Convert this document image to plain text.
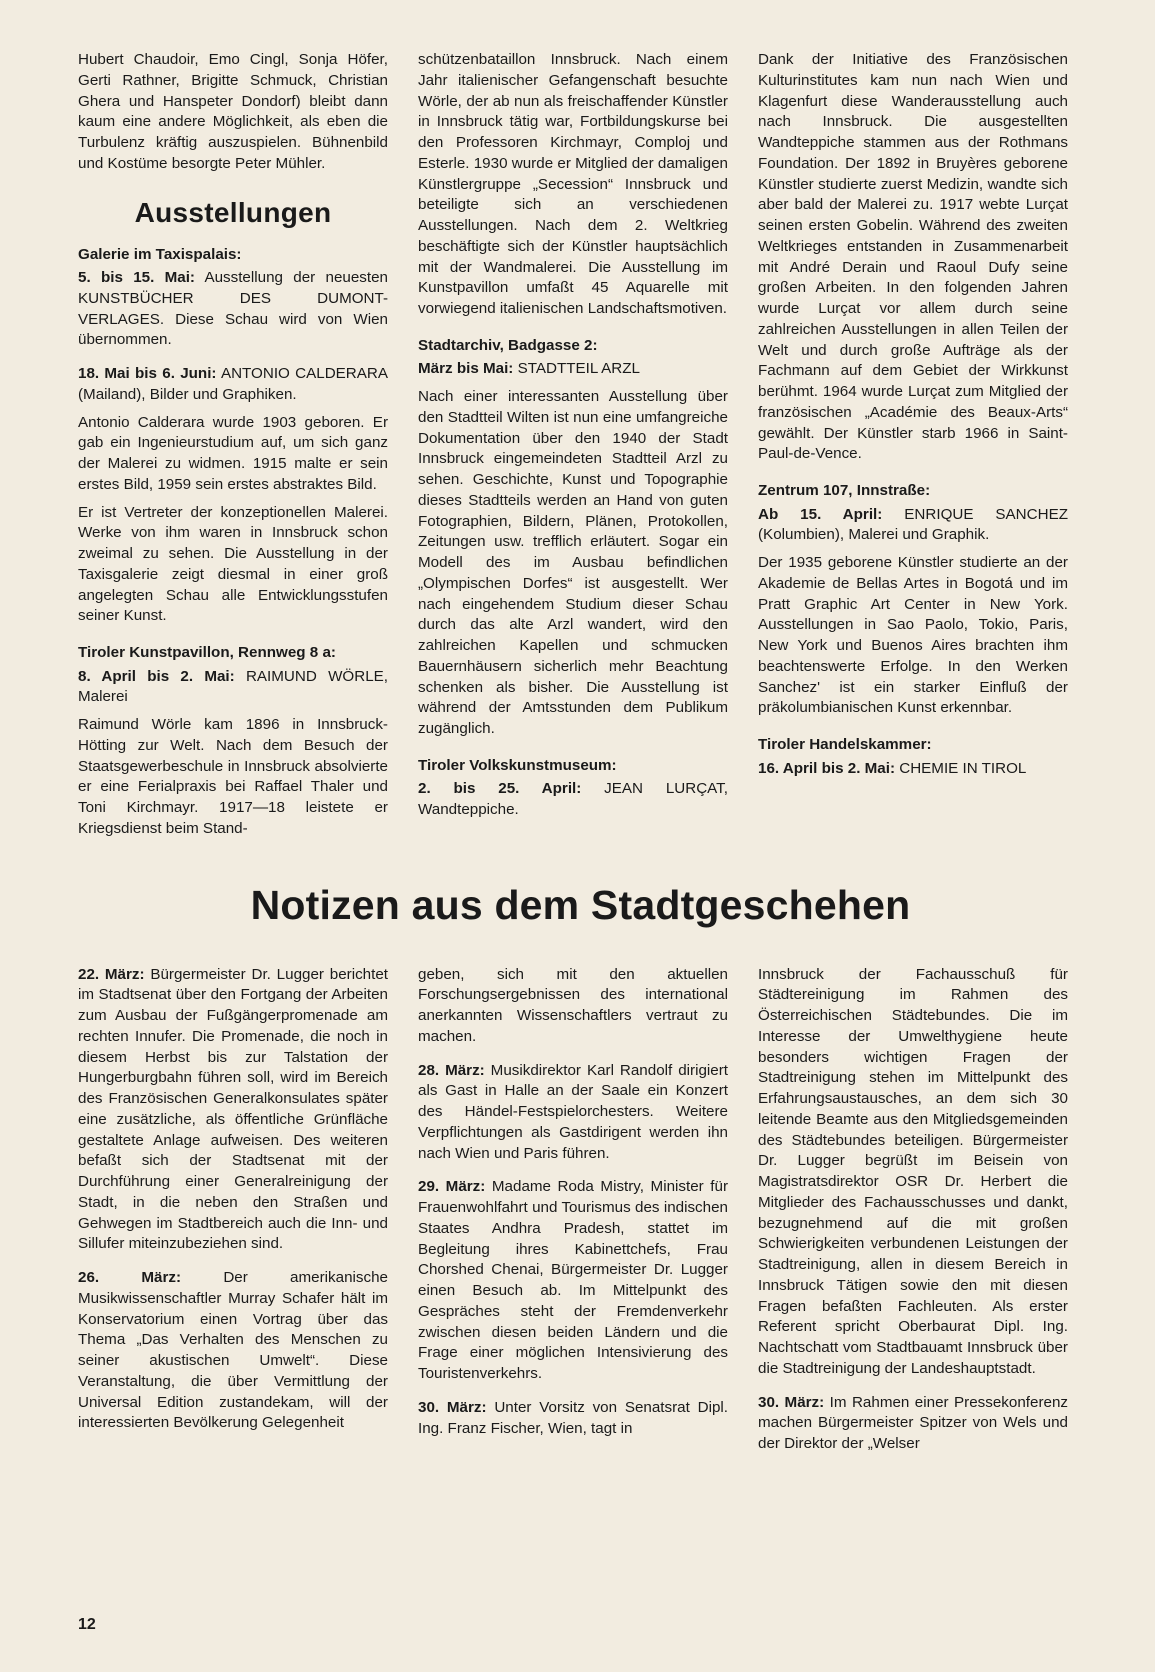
Hubert Chaudoir, Emo Cingl, Sonja Höfer, Gerti Rathner, Brigitte Schmuck, Christian Ghera und Hanspeter Dondorf) bleibt dann kaum eine andere Möglichkeit, als eben die Turbulenz kräftig auszuspielen. Bühnenbild und Kostüme besorgte Peter Mühler.

Ausstellungen
Galerie im Taxispalais:

5. bis 15. Mai: Ausstellung der neuesten KUNSTBÜCHER DES DUMONT-VERLAGES. Diese Schau wird von Wien übernommen.

18. Mai bis 6. Juni: ANTONIO CALDERARA (Mailand), Bilder und Graphiken.

Antonio Calderara wurde 1903 geboren. Er gab ein Ingenieurstudium auf, um sich ganz der Malerei zu widmen. 1915 malte er sein erstes Bild, 1959 sein erstes abstraktes Bild.

Er ist Vertreter der konzeptionellen Malerei. Werke von ihm waren in Innsbruck schon zweimal zu sehen. Die Ausstellung in der Taxisgalerie zeigt diesmal in einer groß angelegten Schau alle Entwicklungsstufen seiner Kunst.

Tiroler Kunstpavillon, Rennweg 8 a:

8. April bis 2. Mai: RAIMUND WÖRLE, Malerei

Raimund Wörle kam 1896 in Innsbruck-Hötting zur Welt. Nach dem Besuch der Staatsgewerbeschule in Innsbruck absolvierte er eine Ferialpraxis bei Raffael Thaler und Toni Kirchmayr. 1917—18 leistete er Kriegsdienst beim Stand-

schützenbataillon Innsbruck. Nach einem Jahr italienischer Gefangenschaft besuchte Wörle, der ab nun als freischaffender Künstler in Innsbruck tätig war, Fortbildungskurse bei den Professoren Kirchmayr, Comploj und Esterle. 1930 wurde er Mitglied der damaligen Künstlergruppe „Secession“ Innsbruck und beteiligte sich an verschiedenen Ausstellungen. Nach dem 2. Weltkrieg beschäftigte sich der Künstler hauptsächlich mit der Wandmalerei. Die Ausstellung im Kunstpavillon umfaßt 45 Aquarelle mit vorwiegend italienischen Landschaftsmotiven.

Stadtarchiv, Badgasse 2:

März bis Mai: STADTTEIL ARZL

Nach einer interessanten Ausstellung über den Stadtteil Wilten ist nun eine umfangreiche Dokumentation über den 1940 der Stadt Innsbruck eingemeindeten Stadtteil Arzl zu sehen. Geschichte, Kunst und Topographie dieses Stadtteils werden an Hand von guten Fotographien, Bildern, Plänen, Protokollen, Zeitungen usw. trefflich erläutert. Sogar ein Modell des im Ausbau befindlichen „Olympischen Dorfes“ ist ausgestellt. Wer nach eingehendem Studium dieser Schau durch das alte Arzl wandert, wird den zahlreichen Kapellen und schmucken Bauernhäusern sicherlich mehr Beachtung schenken als bisher. Die Ausstellung ist während der Amtsstunden dem Publikum zugänglich.

Tiroler Volkskunstmuseum:

2. bis 25. April: JEAN LURÇAT, Wandteppiche.

Dank der Initiative des Französischen Kulturinstitutes kam nun nach Wien und Klagenfurt diese Wanderausstellung auch nach Innsbruck. Die ausgestellten Wandteppiche stammen aus der Rothmans Foundation. Der 1892 in Bruyères geborene Künstler studierte zuerst Medizin, wandte sich aber bald der Malerei zu. 1917 webte Lurçat seinen ersten Gobelin. Während des zweiten Weltkrieges entstanden in Zusammenarbeit mit André Derain und Raoul Dufy seine großen Arbeiten. In den folgenden Jahren wurde Lurçat vor allem durch seine zahlreichen Ausstellungen in allen Teilen der Welt und durch große Aufträge als der Fachmann auf dem Gebiet der Wirkkunst berühmt. 1964 wurde Lurçat zum Mitglied der französischen „Académie des Beaux-Arts“ gewählt. Der Künstler starb 1966 in Saint-Paul-de-Vence.

Zentrum 107, Innstraße:

Ab 15. April: ENRIQUE SANCHEZ (Kolumbien), Malerei und Graphik.

Der 1935 geborene Künstler studierte an der Akademie de Bellas Artes in Bogotá und im Pratt Graphic Art Center in New York. Ausstellungen in Sao Paolo, Tokio, Paris, New York und Buenos Aires brachten ihm beachtenswerte Erfolge. In den Werken Sanchez' ist ein starker Einfluß der präkolumbianischen Kunst erkennbar.

Tiroler Handelskammer:

16. April bis 2. Mai: CHEMIE IN TIROL

Notizen aus dem Stadtgeschehen

22. März: Bürgermeister Dr. Lugger berichtet im Stadtsenat über den Fortgang der Arbeiten zum Ausbau der Fußgängerpromenade am rechten Innufer. Die Promenade, die noch in diesem Herbst bis zur Talstation der Hungerburgbahn führen soll, wird im Bereich des Französischen Generalkonsulates später eine zusätzliche, als öffentliche Grünfläche gestaltete Anlage aufweisen. Des weiteren befaßt sich der Stadtsenat mit der Durchführung einer Generalreinigung der Stadt, in die neben den Straßen und Gehwegen im Stadtbereich auch die Inn- und Sillufer miteinzubeziehen sind.

26. März: Der amerikanische Musikwissenschaftler Murray Schafer hält im Konservatorium einen Vortrag über das Thema „Das Verhalten des Menschen zu seiner akustischen Umwelt“. Diese Veranstaltung, die über Vermittlung der Universal Edition zustandekam, will der interessierten Bevölkerung Gelegenheit

geben, sich mit den aktuellen Forschungsergebnissen des international anerkannten Wissenschaftlers vertraut zu machen.

28. März: Musikdirektor Karl Randolf dirigiert als Gast in Halle an der Saale ein Konzert des Händel-Festspielorchesters. Weitere Verpflichtungen als Gastdirigent werden ihn nach Wien und Paris führen.

29. März: Madame Roda Mistry, Minister für Frauenwohlfahrt und Tourismus des indischen Staates Andhra Pradesh, stattet im Begleitung ihres Kabinettchefs, Frau Chorshed Chenai, Bürgermeister Dr. Lugger einen Besuch ab. Im Mittelpunkt des Gespräches steht der Fremdenverkehr zwischen diesen beiden Ländern und die Frage einer möglichen Intensivierung des Touristenverkehrs.

30. März: Unter Vorsitz von Senatsrat Dipl. Ing. Franz Fischer, Wien, tagt in

Innsbruck der Fachausschuß für Städtereinigung im Rahmen des Österreichischen Städtebundes. Die im Interesse der Umwelthygiene heute besonders wichtigen Fragen der Stadtreinigung stehen im Mittelpunkt des Erfahrungsaustausches, an dem sich 30 leitende Beamte aus den Mitgliedsgemeinden des Städtebundes beteiligen. Bürgermeister Dr. Lugger begrüßt im Beisein von Magistratsdirektor OSR Dr. Herbert die Mitglieder des Fachausschusses und dankt, bezugnehmend auf die mit großen Schwierigkeiten verbundenen Leistungen der Stadtreinigung, allen in diesem Bereich in Innsbruck Tätigen sowie den mit diesen Fragen befaßten Fachleuten. Als erster Referent spricht Oberbaurat Dipl. Ing. Nachtschatt vom Stadtbauamt Innsbruck über die Stadtreinigung der Landeshauptstadt.

30. März: Im Rahmen einer Pressekonferenz machen Bürgermeister Spitzer von Wels und der Direktor der „Welser

12
